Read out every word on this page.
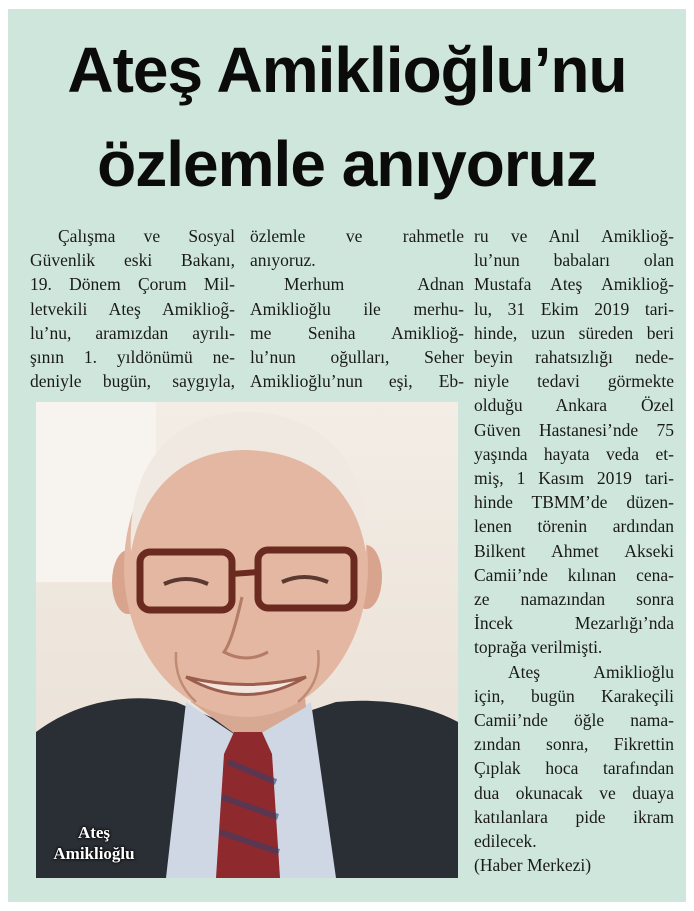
Ateş Amiklioğlu’nu
özlemle anıyoruz
Çalışma ve Sosyal
Güvenlik eski Bakanı,
19. Dönem Çorum Mil-
letvekili Ateş Amikliog̃-
lu’nu, aramızdan ayrılı-
şının 1. yıldönümü ne-
deniyle bugün, saygıyla,
özlemle ve rahmetle
anıyoruz.
Merhum Adnan
Amiklioğlu ile merhu-
me Seniha Amiklioğ-
lu’nun oğulları, Seher
Amiklioğlu’nun eşi, Eb-
ru ve Anıl Amiklioğ-
lu’nun babaları olan
Mustafa Ateş Amiklioğ-
lu, 31 Ekim 2019 tari-
hinde, uzun süreden beri
beyin rahatsızlığı nede-
niyle tedavi görmekte
olduğu Ankara Özel
Güven Hastanesi’nde 75
yaşında hayata veda et-
miş, 1 Kasım 2019 tari-
hinde TBMM’de düzen-
lenen törenin ardından
Bilkent Ahmet Akseki
Camii’nde kılınan cena-
ze namazından sonra
İncek Mezarlığı’nda
toprağa verilmişti.
Ateş Amiklioğlu
için, bugün Karakeçili
Camii’nde öğle nama-
zından sonra, Fikrettin
Çıplak hoca tarafından
dua okunacak ve duaya
katılanlara pide ikram
edilecek.
(Haber Merkezi)
Ateş
Amiklioğlu
